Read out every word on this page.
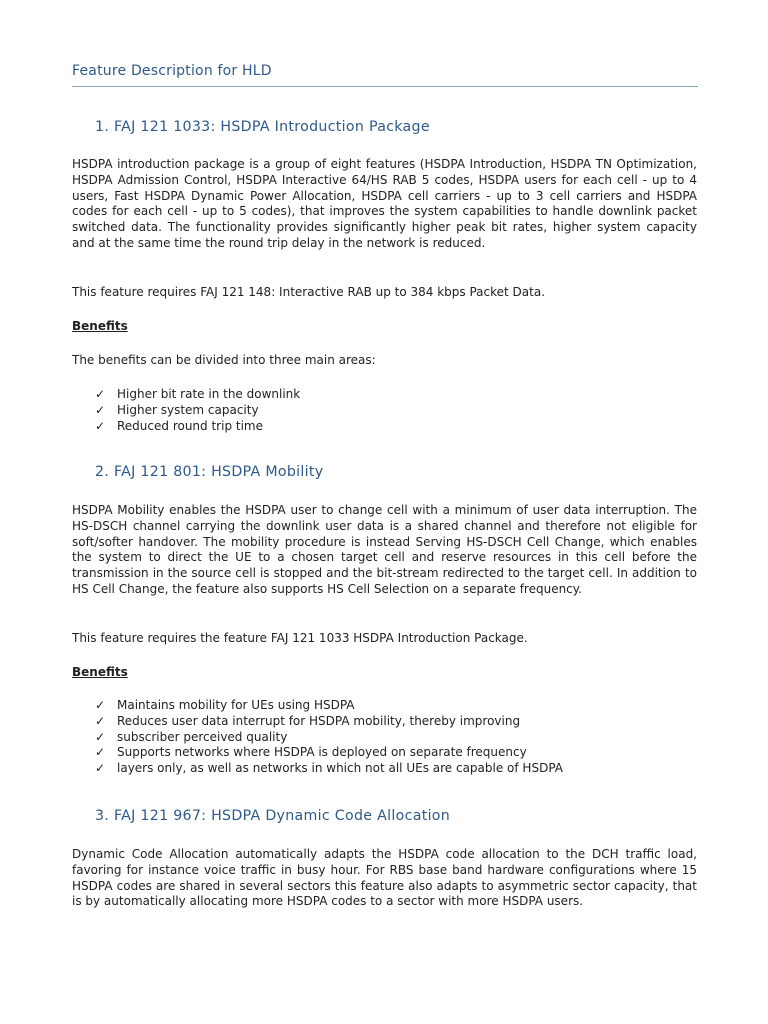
Feature Description for HLD
1. FAJ 121 1033: HSDPA Introduction Package

HSDPA introduction package is a group of eight features (HSDPA Introduction, HSDPA TN Optimization, HSDPA Admission Control, HSDPA Interactive 64/HS RAB 5 codes, HSDPA users for each cell - up to 4 users, Fast HSDPA Dynamic Power Allocation, HSDPA cell carriers - up to 3 cell carriers and HSDPA codes for each cell - up to 5 codes), that improves the system capabilities to handle downlink packet switched data. The functionality provides significantly higher peak bit rates, higher system capacity and at the same time the round trip delay in the network is reduced.

This feature requires FAJ 121 148: Interactive RAB up to 384 kbps Packet Data.

Benefits

The benefits can be divided into three main areas:

✓ Higher bit rate in the downlink
✓ Higher system capacity
✓ Reduced round trip time
2. FAJ 121 801: HSDPA Mobility

HSDPA Mobility enables the HSDPA user to change cell with a minimum of user data interruption. The HS-DSCH channel carrying the downlink user data is a shared channel and therefore not eligible for soft/softer handover. The mobility procedure is instead Serving HS-DSCH Cell Change, which enables the system to direct the UE to a chosen target cell and reserve resources in this cell before the transmission in the source cell is stopped and the bit-stream redirected to the target cell. In addition to HS Cell Change, the feature also supports HS Cell Selection on a separate frequency.

This feature requires the feature FAJ 121 1033 HSDPA Introduction Package.

Benefits
✓ Maintains mobility for UEs using HSDPA
✓ Reduces user data interrupt for HSDPA mobility, thereby improving
✓ subscriber perceived quality
✓ Supports networks where HSDPA is deployed on separate frequency
✓ layers only, as well as networks in which not all UEs are capable of HSDPA
3. FAJ 121 967: HSDPA Dynamic Code Allocation

Dynamic Code Allocation automatically adapts the HSDPA code allocation to the DCH traffic load, favoring for instance voice traffic in busy hour. For RBS base band hardware configurations where 15 HSDPA codes are shared in several sectors this feature also adapts to asymmetric sector capacity, that is by automatically allocating more HSDPA codes to a sector with more HSDPA users.
